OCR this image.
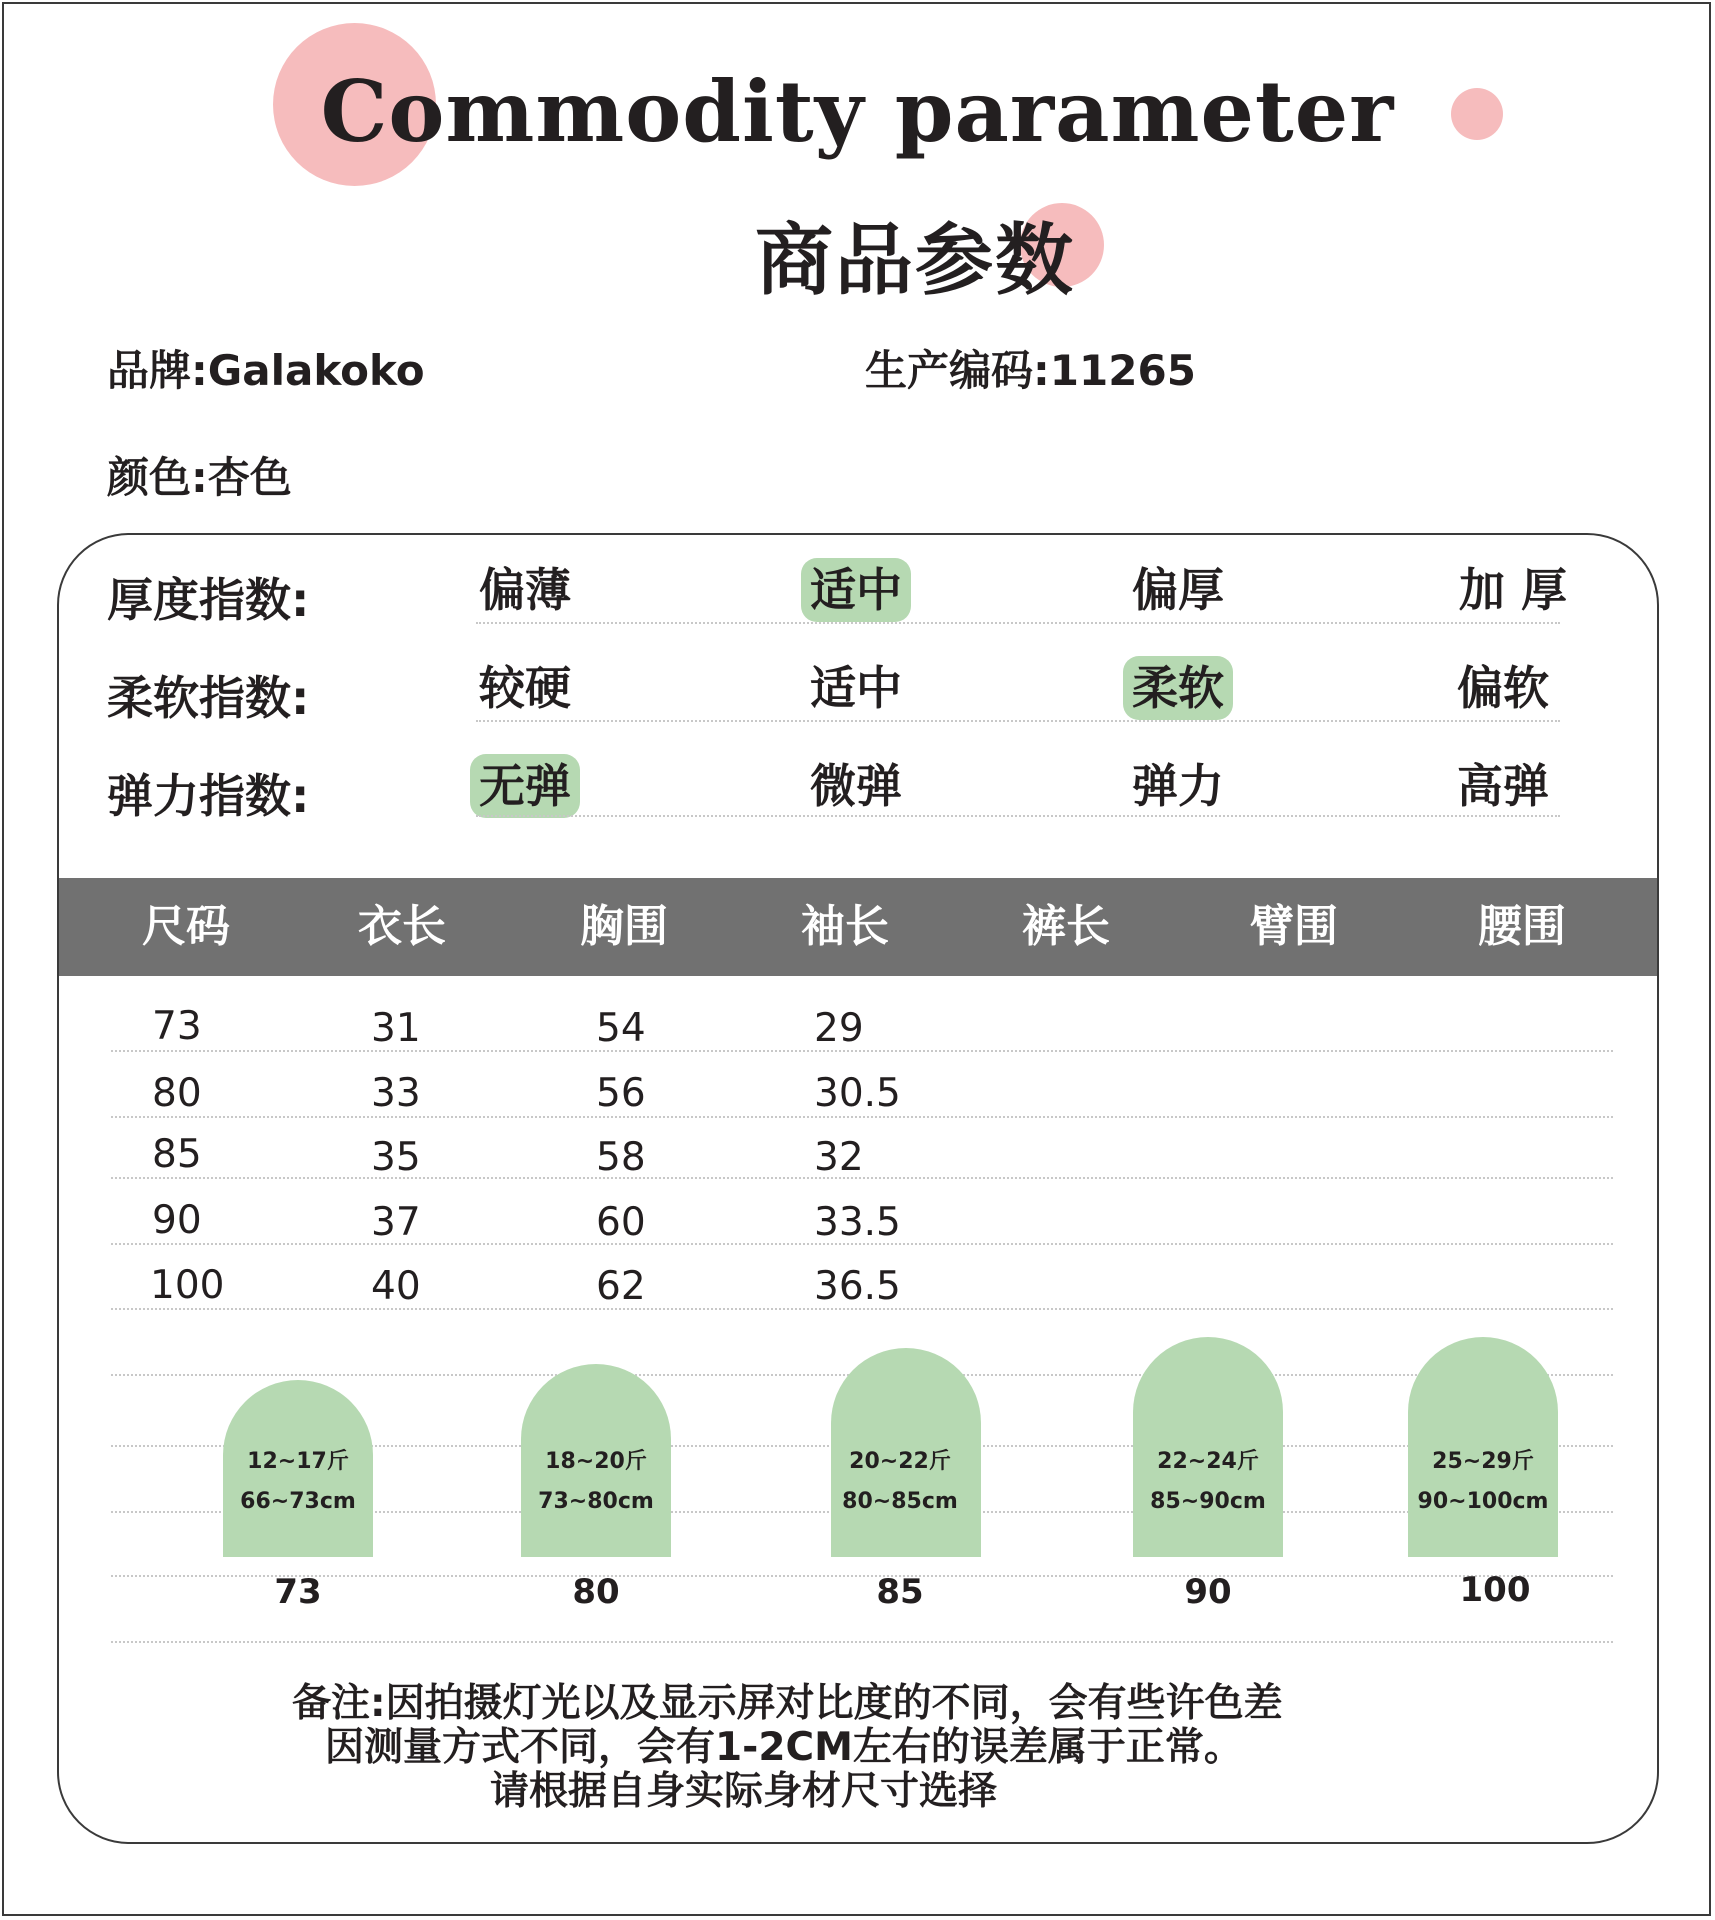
Commodity parameter
商品参数
品牌:Galakoko	生产编码:11265
颜色:杏色
厚度指数:	偏薄	适中	偏厚	加 厚
柔软指数:	较硬	适中	柔软	偏软
弹力指数:	无弹	微弹	弹力	高弹
尺码	衣长	胸围	袖长	裤长	臂围	腰围
73	31	54	29
80	33	56	30.5
85	35	58	32
90	37	60	33.5
100	40	62	36.5
12~17斤
66~73cm
73
18~20斤
73~80cm
80
20~22斤
80~85cm
85
22~24斤
85~90cm
90
25~29斤
90~100cm
100
备注:因拍摄灯光以及显示屏对比度的不同，会有些许色差
因测量方式不同，会有1-2CM左右的误差属于正常。
请根据自身实际身材尺寸选择
